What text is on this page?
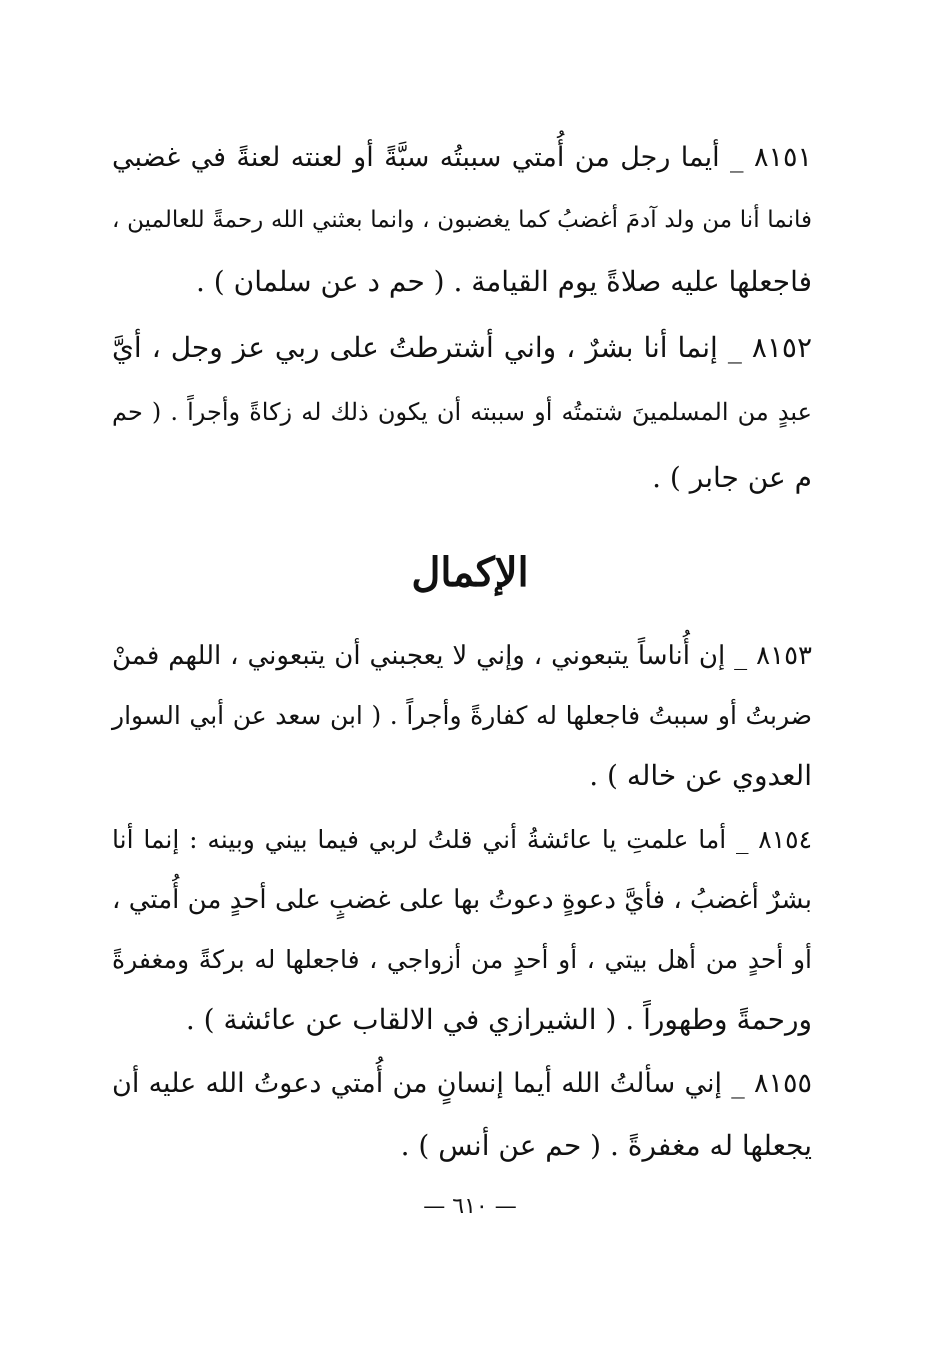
٨١٥١ _ أيما رجل من أُمتي سببتُه سبَّةً أو لعنته لعنةً في غضبي
فانما أنا من ولد آدمَ أغضبُ كما يغضبون ، وانما بعثني الله رحمةً للعالمين ،
فاجعلها عليه صلاةً يوم القيامة . ( حم د عن سلمان ) .
٨١٥٢ _ إنما أنا بشرٌ ، واني أشترطتُ على ربي عز وجل ، أيَّ
عبدٍ من المسلمينَ شتمتُه أو سببته أن يكون ذلك له زكاةً وأجراً . ( حم
م عن جابر ) .
الإكمال
٨١٥٣ _ إن أُناساً يتبعوني ، وإني لا يعجبني أن يتبعوني ، اللهم فمنْ
ضربتُ أو سببتُ فاجعلها له كفارةً وأجراً . ( ابن سعد عن أبي السوار
العدوي عن خاله ) .
٨١٥٤ _ أما علمتِ يا عائشةُ أني قلتُ لربي فيما بيني وبينه : إنما أنا
بشرٌ أغضبُ ، فأيَّ دعوةٍ دعوتُ بها على غضبٍ على أحدٍ من أُمتي ،
أو أحدٍ من أهل بيتي ، أو أحدٍ من أزواجي ، فاجعلها له بركةً ومغفرةً
ورحمةً وطهوراً . ( الشيرازي في الالقاب عن عائشة ) .
٨١٥٥ _ إني سألتُ الله أيما إنسانٍ من أُمتي دعوتُ الله عليه أن
يجعلها له مغفرةً . ( حم عن أنس ) .
— ٦١٠ —
